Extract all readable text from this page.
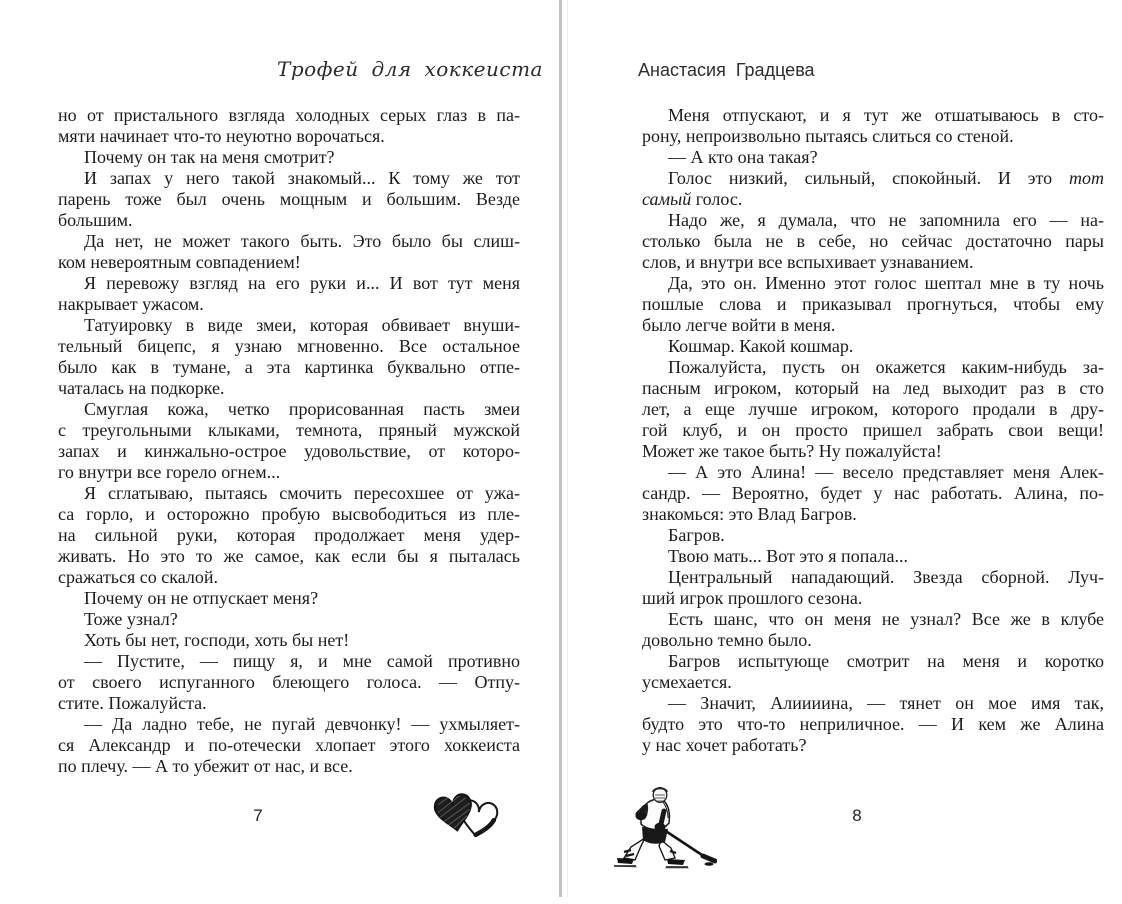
Трофей для хоккеиста
но от пристального взгляда холодных серых глаз в па-
мяти начинает что-то неуютно ворочаться.
Почему он так на меня смотрит?
И запах у него такой знакомый... К тому же тот
парень тоже был очень мощным и большим. Везде
большим.
Да нет, не может такого быть. Это было бы слиш-
ком невероятным совпадением!
Я перевожу взгляд на его руки и... И вот тут меня
накрывает ужасом.
Татуировку в виде змеи, которая обвивает внуши-
тельный бицепс, я узнаю мгновенно. Все остальное
было как в тумане, а эта картинка буквально отпе-
чаталась на подкорке.
Смуглая кожа, четко прорисованная пасть змеи
с треугольными клыками, темнота, пряный мужской
запах и кинжально-острое удовольствие, от которо-
го внутри все горело огнем...
Я сглатываю, пытаясь смочить пересохшее от ужа-
са горло, и осторожно пробую высвободиться из пле-
на сильной руки, которая продолжает меня удер-
живать. Но это то же самое, как если бы я пыталась
сражаться со скалой.
Почему он не отпускает меня?
Тоже узнал?
Хоть бы нет, господи, хоть бы нет!
— Пустите, — пищу я, и мне самой противно
от своего испуганного блеющего голоса. — Отпу-
стите. Пожалуйста.
— Да ладно тебе, не пугай девчонку! — ухмыляет-
ся Александр и по-отечески хлопает этого хоккеиста
по плечу. — А то убежит от нас, и все.
7
Анастасия Градцева
Меня отпускают, и я тут же отшатываюсь в сто-
рону, непроизвольно пытаясь слиться со стеной.
— А кто она такая?
Голос низкий, сильный, спокойный. И это тот
самый голос.
Надо же, я думала, что не запомнила его — на-
столько была не в себе, но сейчас достаточно пары
слов, и внутри все вспыхивает узнаванием.
Да, это он. Именно этот голос шептал мне в ту ночь
пошлые слова и приказывал прогнуться, чтобы ему
было легче войти в меня.
Кошмар. Какой кошмар.
Пожалуйста, пусть он окажется каким-нибудь за-
пасным игроком, который на лед выходит раз в сто
лет, а еще лучше игроком, которого продали в дру-
гой клуб, и он просто пришел забрать свои вещи!
Может же такое быть? Ну пожалуйста!
— А это Алина! — весело представляет меня Алек-
сандр. — Вероятно, будет у нас работать. Алина, по-
знакомься: это Влад Багров.
Багров.
Твою мать... Вот это я попала...
Центральный нападающий. Звезда сборной. Луч-
ший игрок прошлого сезона.
Есть шанс, что он меня не узнал? Все же в клубе
довольно темно было.
Багров испытующе смотрит на меня и коротко
усмехается.
— Значит, Алиииина, — тянет он мое имя так,
будто это что-то неприличное. — И кем же Алина
у нас хочет работать?
8
